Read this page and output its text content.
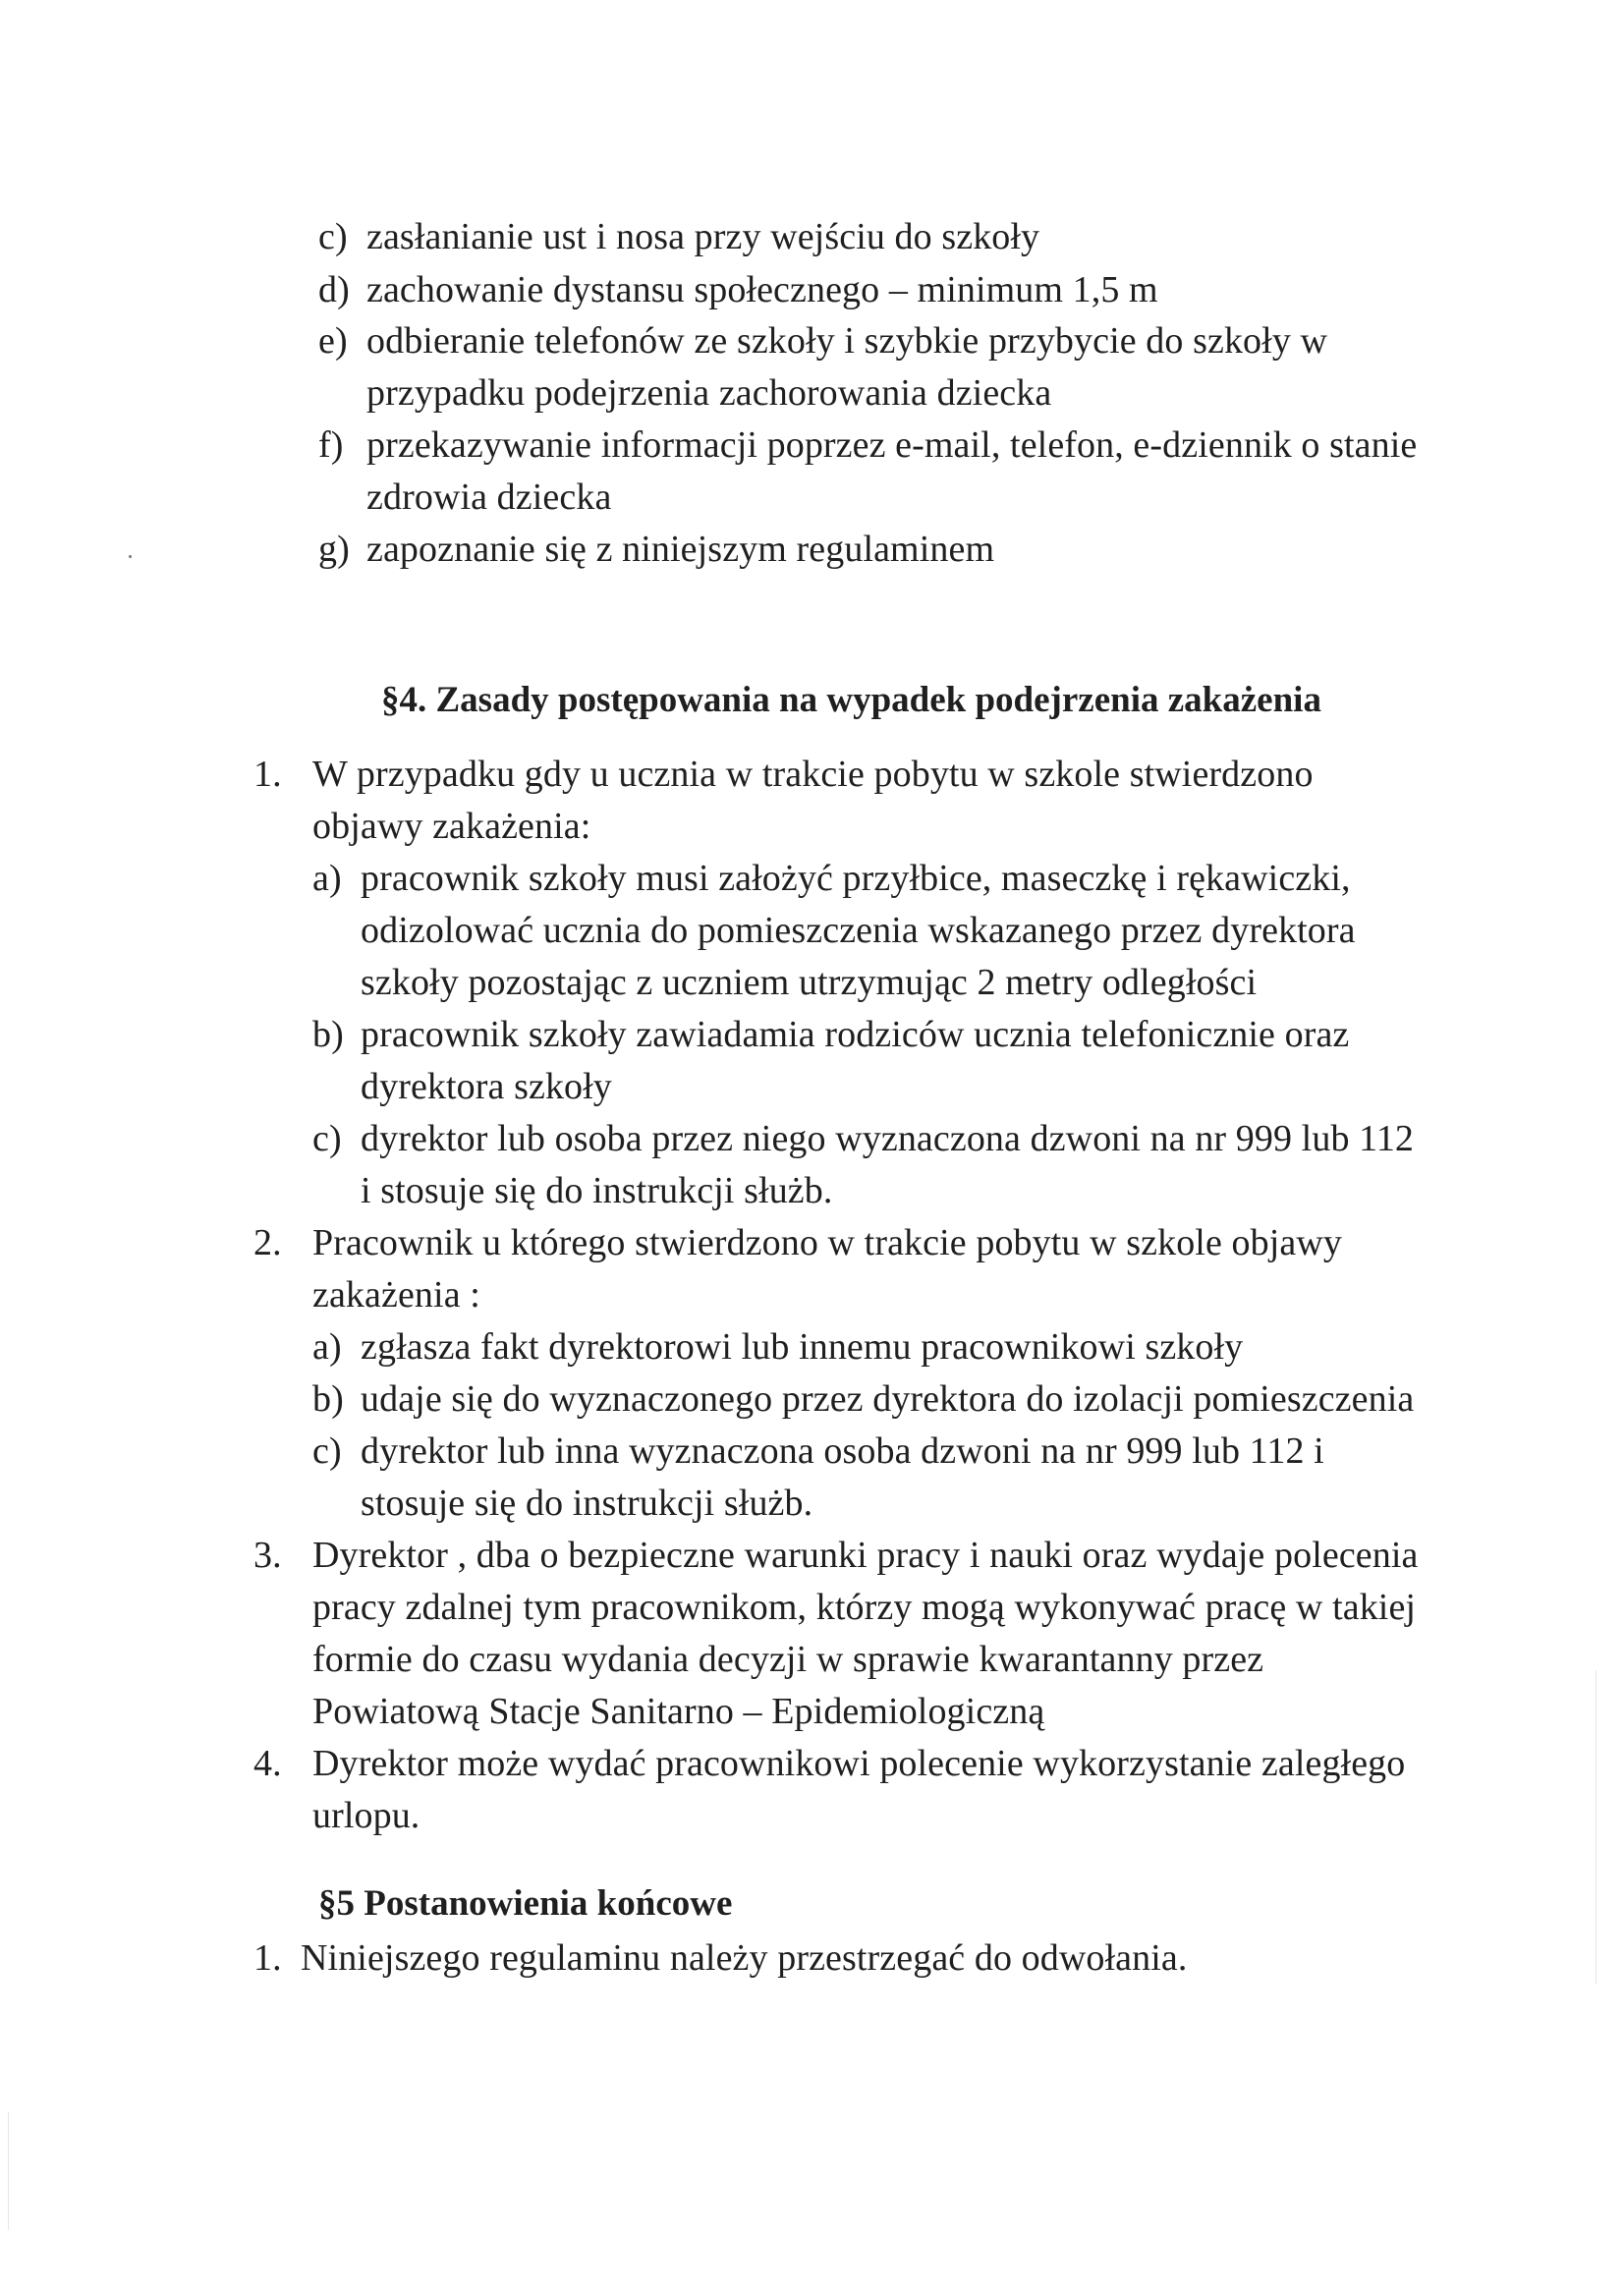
c) zasłanianie ust i nosa przy wejściu do szkoły
d) zachowanie dystansu społecznego – minimum 1,5 m
e) odbieranie telefonów ze szkoły i szybkie przybycie do szkoły w
przypadku podejrzenia zachorowania dziecka
f) przekazywanie informacji poprzez e-mail, telefon, e-dziennik o stanie
zdrowia dziecka
g) zapoznanie się z niniejszym regulaminem
§4. Zasady postępowania na wypadek podejrzenia zakażenia
1. W przypadku gdy u ucznia w trakcie pobytu w szkole stwierdzono
objawy zakażenia:
a) pracownik szkoły musi założyć przyłbice, maseczkę i rękawiczki,
odizolować ucznia do pomieszczenia wskazanego przez dyrektora
szkoły pozostając z uczniem utrzymując 2 metry odległości
b) pracownik szkoły zawiadamia rodziców ucznia telefonicznie oraz
dyrektora szkoły
c) dyrektor lub osoba przez niego wyznaczona dzwoni na nr 999 lub 112
i stosuje się do instrukcji służb.
2. Pracownik u którego stwierdzono w trakcie pobytu w szkole objawy
zakażenia :
a) zgłasza fakt dyrektorowi lub innemu pracownikowi szkoły
b) udaje się do wyznaczonego przez dyrektora do izolacji pomieszczenia
c) dyrektor lub inna wyznaczona osoba dzwoni na nr 999 lub 112 i
stosuje się do instrukcji służb.
3. Dyrektor , dba o bezpieczne warunki pracy i nauki oraz wydaje polecenia
pracy zdalnej tym pracownikom, którzy mogą wykonywać pracę w takiej
formie do czasu wydania decyzji w sprawie kwarantanny przez
Powiatową Stacje Sanitarno – Epidemiologiczną
4. Dyrektor może wydać pracownikowi polecenie wykorzystanie zaległego
urlopu.
§5 Postanowienia końcowe
1. Niniejszego regulaminu należy przestrzegać do odwołania.
